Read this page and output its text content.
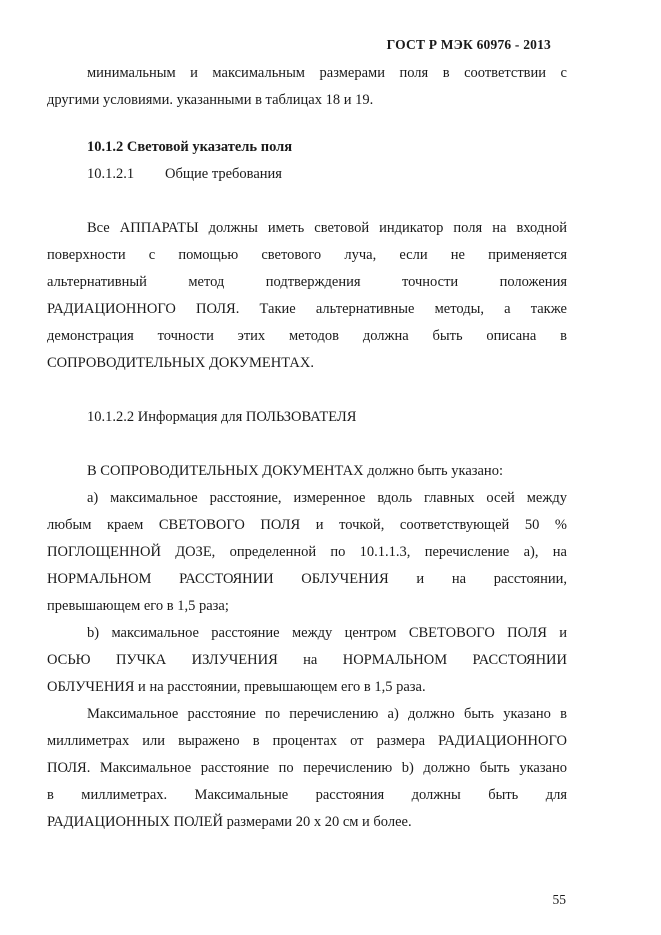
ГОСТ Р МЭК 60976 - 2013
минимальным и максимальным размерами поля в соответствии с
другими условиями. указанными в таблицах 18 и 19.
10.1.2 Световой указатель поля
10.1.2.1	Общие требования
Все АППАРАТЫ должны иметь световой индикатор поля на входной
поверхности с помощью светового луча, если не применяется
альтернативный метод подтверждения точности положения
РАДИАЦИОННОГО ПОЛЯ. Такие альтернативные методы, а также
демонстрация точности этих методов должна быть описана в
СОПРОВОДИТЕЛЬНЫХ ДОКУМЕНТАХ.
10.1.2.2 Информация для ПОЛЬЗОВАТЕЛЯ
В СОПРОВОДИТЕЛЬНЫХ ДОКУМЕНТАХ должно быть указано:
a) максимальное расстояние, измеренное вдоль главных осей между
любым краем СВЕТОВОГО ПОЛЯ и точкой, соответствующей 50 %
ПОГЛОЩЕННОЙ ДОЗЕ, определенной по 10.1.1.3, перечисление а), на
НОРМАЛЬНОМ РАССТОЯНИИ ОБЛУЧЕНИЯ и на расстоянии,
превышающем его в 1,5 раза;
b) максимальное расстояние между центром СВЕТОВОГО ПОЛЯ и
ОСЬЮ ПУЧКА ИЗЛУЧЕНИЯ на НОРМАЛЬНОМ РАССТОЯНИИ
ОБЛУЧЕНИЯ и на расстоянии, превышающем его в 1,5 раза.
Максимальное расстояние по перечислению а) должно быть указано в
миллиметрах или выражено в процентах от размера РАДИАЦИОННОГО
ПОЛЯ. Максимальное расстояние по перечислению b) должно быть указано
в миллиметрах. Максимальные расстояния должны быть для
РАДИАЦИОННЫХ ПОЛЕЙ размерами 20 х 20 см и более.
55
